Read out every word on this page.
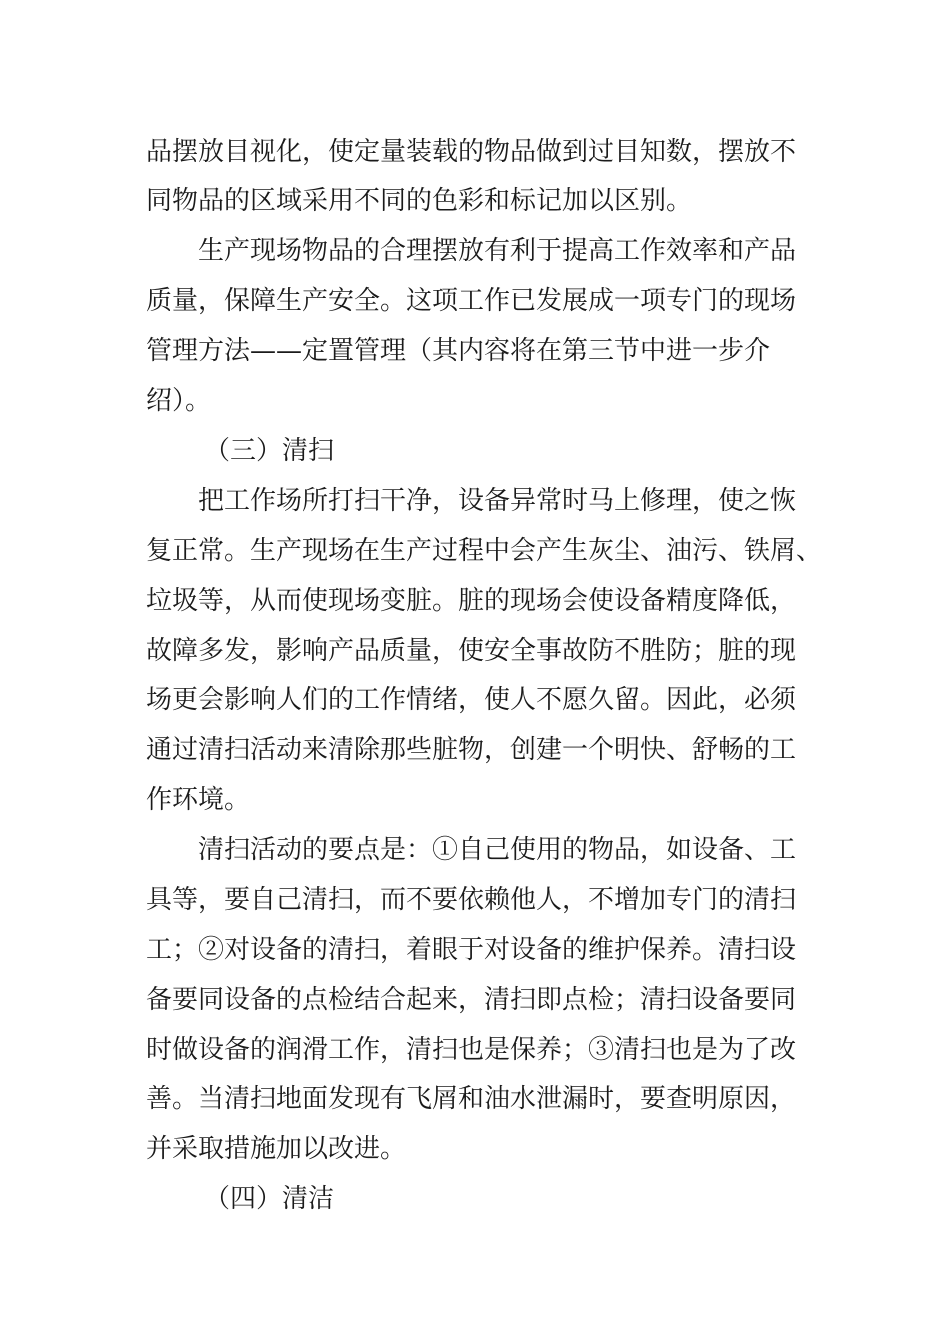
品摆放目视化，使定量装载的物品做到过目知数，摆放不
同物品的区域采用不同的色彩和标记加以区别。
生产现场物品的合理摆放有利于提高工作效率和产品
质量，保障生产安全。这项工作已发展成一项专门的现场
管理方法——定置管理（其内容将在第三节中进一步介
绍）。
（三）清扫
把工作场所打扫干净，设备异常时马上修理，使之恢
复正常。生产现场在生产过程中会产生灰尘、油污、铁屑、
垃圾等，从而使现场变脏。脏的现场会使设备精度降低，
故障多发，影响产品质量，使安全事故防不胜防；脏的现
场更会影响人们的工作情绪，使人不愿久留。因此，必须
通过清扫活动来清除那些脏物，创建一个明快、舒畅的工
作环境。
清扫活动的要点是：①自己使用的物品，如设备、工
具等，要自己清扫，而不要依赖他人，不增加专门的清扫
工；②对设备的清扫，着眼于对设备的维护保养。清扫设
备要同设备的点检结合起来，清扫即点检；清扫设备要同
时做设备的润滑工作，清扫也是保养；③清扫也是为了改
善。当清扫地面发现有飞屑和油水泄漏时，要查明原因，
并采取措施加以改进。
（四）清洁
